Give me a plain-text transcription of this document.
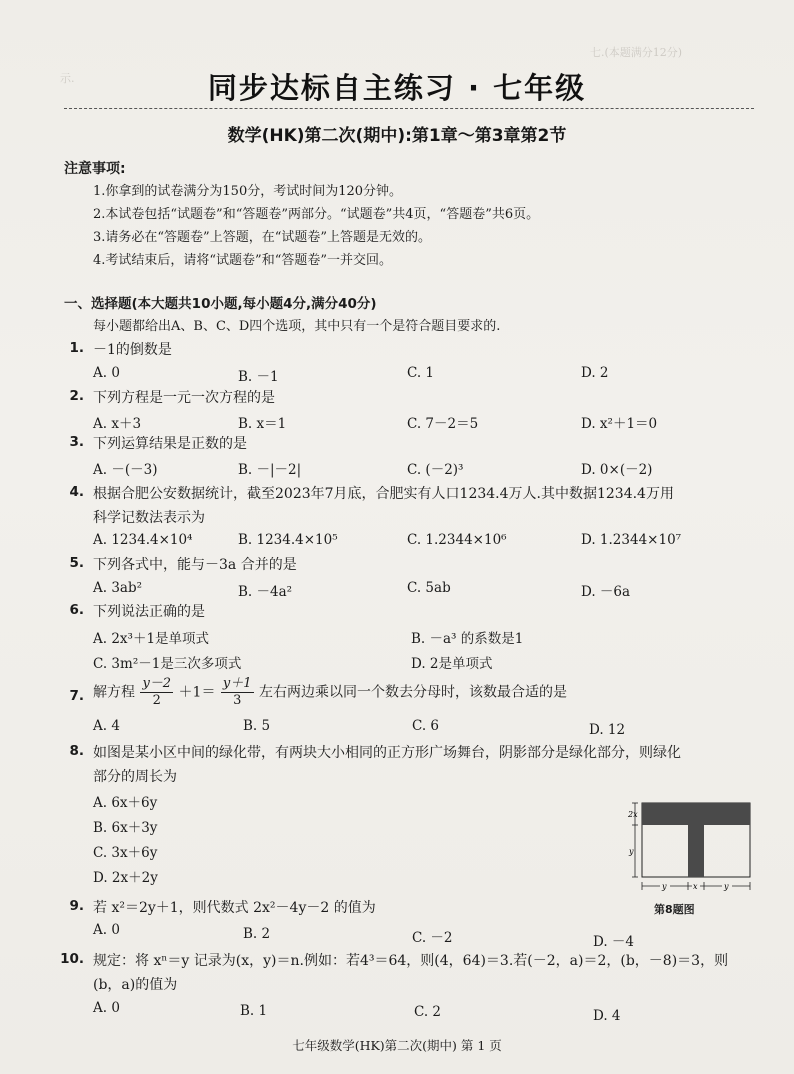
七.(本题满分12分)
示.	同步达标自主练习 · 七年级
数学(HK)第二次(期中):第1章～第3章第2节
注意事项:
1.你拿到的试卷满分为150分，考试时间为120分钟。
2.本试卷包括“试题卷”和“答题卷”两部分。“试题卷”共4页，“答题卷”共6页。
3.请务必在“答题卷”上答题，在“试题卷”上答题是无效的。
4.考试结束后，请将“试题卷”和“答题卷”一并交回。
一、选择题(本大题共10小题,每小题4分,满分40分)
每小题都给出A、B、C、D四个选项，其中只有一个是符合题目要求的.
1. －1的倒数是
A. 0	B. －1	C. 1	D. 2
2. 下列方程是一元一次方程的是
A. x＋3	B. x＝1	C. 7－2＝5	D. x²＋1＝0
3. 下列运算结果是正数的是
A. －(－3)	B. －|－2|	C. (－2)³	D. 0×(－2)
4. 根据合肥公安数据统计，截至2023年7月底，合肥实有人口1234.4万人.其中数据1234.4万用
科学记数法表示为
A. 1234.4×10⁴	B. 1234.4×10⁵	C. 1.2344×10⁶	D. 1.2344×10⁷
5. 下列各式中，能与－3a 合并的是
A. 3ab²	B. －4a²	C. 5ab	D. －6a
6. 下列说法正确的是
A. 2x³＋1是单项式	B. －a³ 的系数是1
C. 3m²－1是三次多项式	D. 2是单项式
7. 解方程 $\frac{y-2}{2} +1= \frac{y+1}{3}$ 左右两边乘以同一个数去分母时，该数最合适的是
A. 4	B. 5	C. 6	D. 12
8. 如图是某小区中间的绿化带，有两块大小相同的正方形广场舞台，阴影部分是绿化部分，则绿化
部分的周长为
A. 6x＋6y
B. 6x＋3y
C. 3x＋6y
D. 2x＋2y
2x
y
y	x	y
第8题图
9. 若 x²＝2y＋1，则代数式 2x²－4y－2 的值为
A. 0	B. 2	C. －2	D. －4
10. 规定：将 xⁿ＝y 记录为(x，y)＝n.例如：若4³＝64，则(4，64)＝3.若(－2，a)＝2，(b，－8)＝3，则
(b，a)的值为
A. 0	B. 1	C. 2	D. 4
七年级数学(HK)第二次(期中) 第 1 页
